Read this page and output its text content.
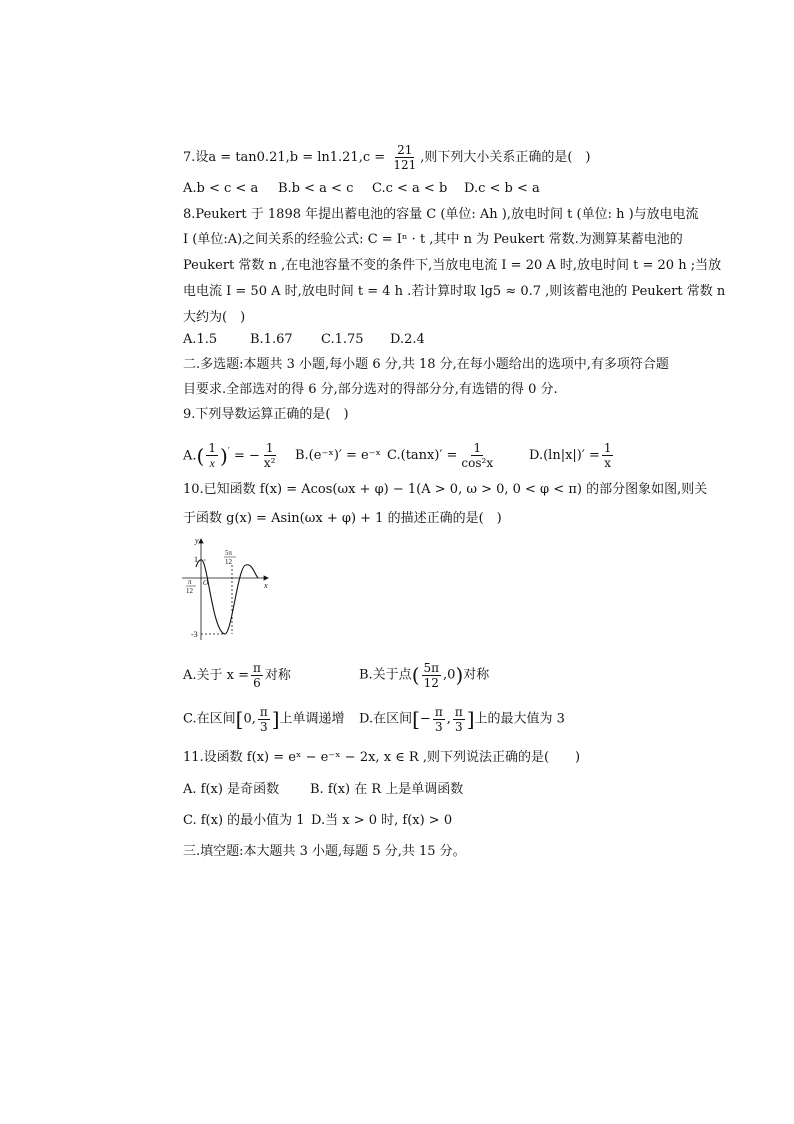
7.设$a = \tan 0.21,b = \ln 1.21,c = \frac{21}{121}$ ,则下列大小关系正确的是(　)
A.b < c < a B.b < a < c C.c < a < b D.c < b < a
8.Peukert 于 1898 年提出蓄电池的容量 C (单位: Ah ),放电时间 t (单位: h )与放电电流
I (单位:A)之间关系的经验公式: C = Iⁿ · t ,其中 n 为 Peukert 常数.为测算某蓄电池的
Peukert 常数 n ,在电池容量不变的条件下,当放电电流 I = 20 A 时,放电时间 t = 20 h ;当放
电电流 I = 50 A 时,放电时间 t = 4 h .若计算时取 lg5 ≈ 0.7 ,则该蓄电池的 Peukert 常数 n
大约为(　)
A.1.5	B.1.67 C.1.75 D.2.4
二.多选题:本题共 3 小题,每小题 6 分,共 18 分,在每小题给出的选项中,有多项符合题
目要求.全部选对的得 6 分,部分选对的得部分分,有选错的得 0 分.
9.下列导数运算正确的是(　)
$A.( \frac{1}{x} )'$ = − $\frac{1}{\text{x²}}$ B.(e⁻ˣ)′ = e⁻ˣ $C.(\tan x)' = \frac{1}{\text{cos²x}}$	$D.(\ln|x|)' = \frac{1}{x}$
10.已知函数 f(x) = Acos(ωx + φ) − 1(A > 0, ω > 0, 0 < φ < π) 的部分图象如图,则关
于函数 g(x) = Asin(ωx + φ) + 1 的描述正确的是(　)
y
x
1
-3
π
12
5π
12
O
A.关于 $x = \frac{\pi}{6}$ 对称	B.关于点( $\frac{5\pi}{12} ,0$)对称
C.在区间[0, $\frac{\pi}{3}$ ]上单调递增 D.在区间[− $\frac{\pi}{3}$ , $\frac{\pi}{3}$ ]上的最大值为 3
11.设函数 f(x) = eˣ − e⁻ˣ − 2x, x ∈ R ,则下列说法正确的是(　　)
A. f(x) 是奇函数 B. f(x) 在 R 上是单调函数
C. f(x) 的最小值为 1 D.当 x > 0 时, f(x) > 0
三.填空题:本大题共 3 小题,每题 5 分,共 15 分。
